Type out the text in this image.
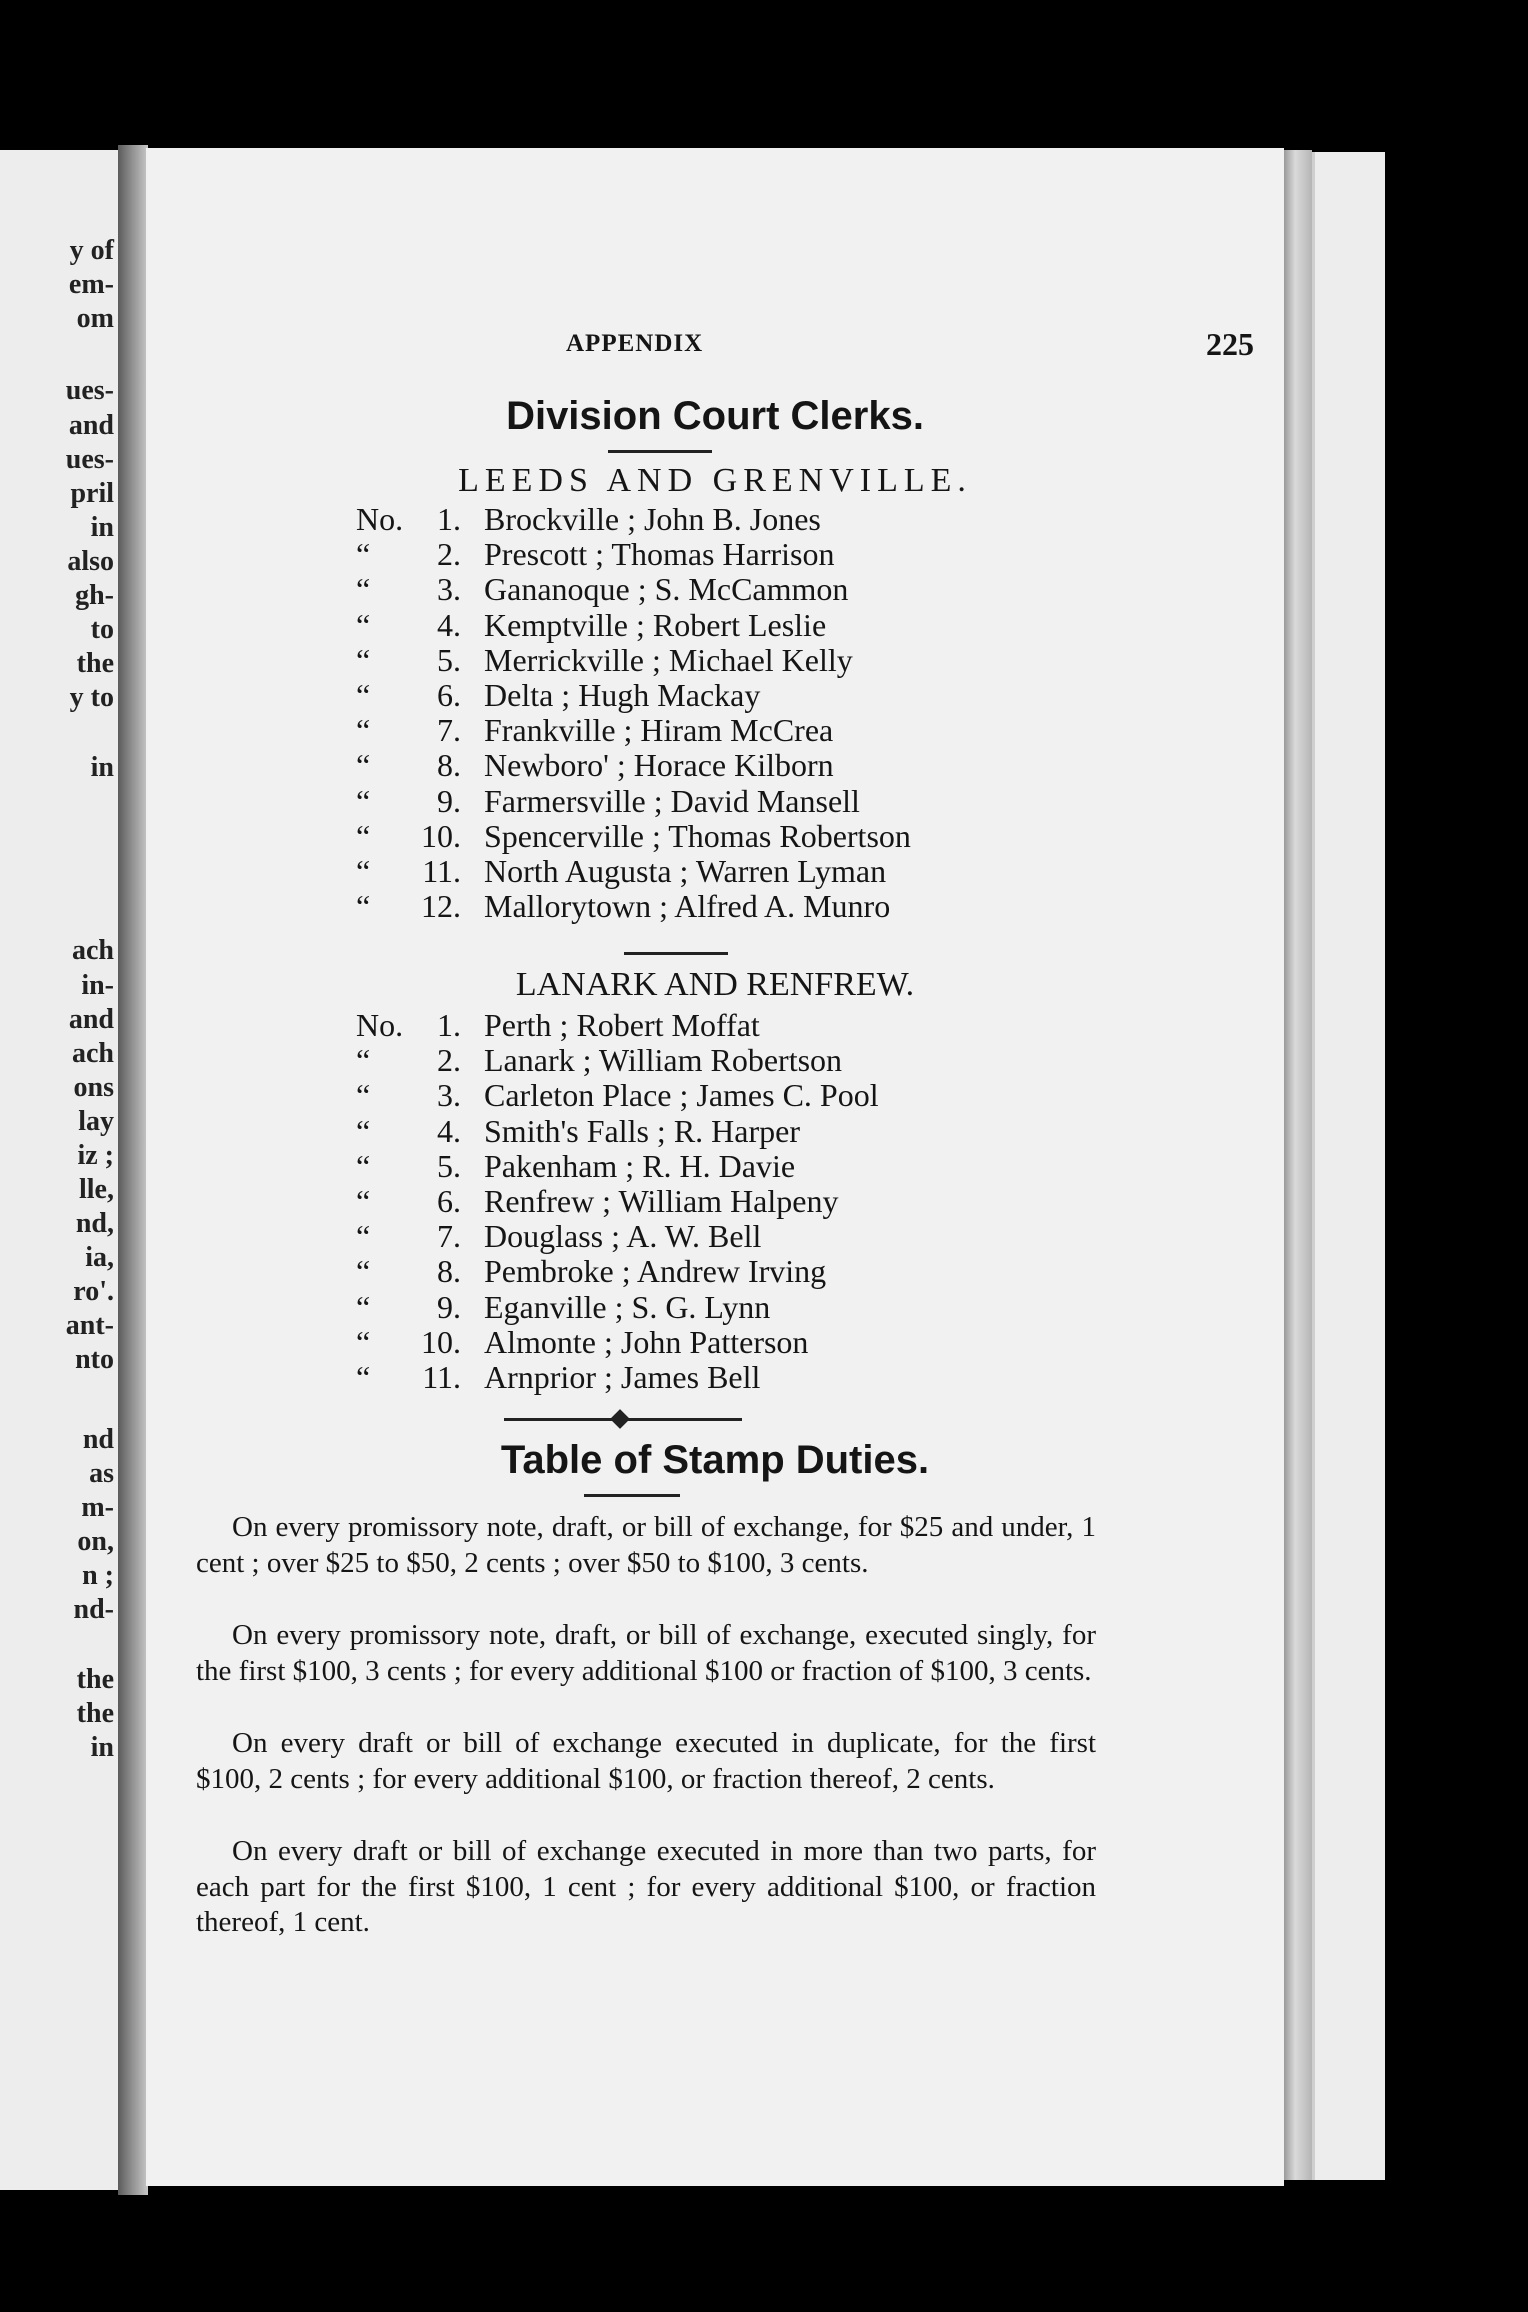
y of
em-
om
ues-
and
ues-
pril
in
also
gh-
to
the
y to
in
ach
in-
and
ach
ons
lay
iz ;
lle,
nd,
ia,
ro'.
ant-
nto
nd
as
m-
on,
n ;
nd-
the
the
in
APPENDIX	225
Division Court Clerks.
LEEDS AND GRENVILLE.
No.	1. Brockville ; John B. Jones
“	2. Prescott ; Thomas Harrison
“	3. Gananoque ; S. McCammon
“	4. Kemptville ; Robert Leslie
“	5. Merrickville ; Michael Kelly
“	6. Delta ; Hugh Mackay
“	7. Frankville ; Hiram McCrea
“	8. Newboro' ; Horace Kilborn
“	9. Farmersville ; David Mansell
“	10. Spencerville ; Thomas Robertson
“	11. North Augusta ; Warren Lyman
“	12. Mallorytown ; Alfred A. Munro
LANARK AND RENFREW.
No.	1. Perth ; Robert Moffat
“	2. Lanark ; William Robertson
“	3. Carleton Place ; James C. Pool
“	4. Smith's Falls ; R. Harper
“	5. Pakenham ; R. H. Davie
“	6. Renfrew ; William Halpeny
“	7. Douglass ; A. W. Bell
“	8. Pembroke ; Andrew Irving
“	9. Eganville ; S. G. Lynn
“	10. Almonte ; John Patterson
“	11. Arnprior ; James Bell
Table of Stamp Duties.

On every promissory note, draft, or bill of exchange, for $25 and under, 1 cent ; over $25 to $50, 2 cents ; over $50 to $100, 3 cents.

On every promissory note, draft, or bill of exchange, executed singly, for the first $100, 3 cents ; for every additional $100 or fraction of $100, 3 cents.

On every draft or bill of exchange executed in duplicate, for the first $100, 2 cents ; for every additional $100, or fraction thereof, 2 cents.

On every draft or bill of exchange executed in more than two parts, for each part for the first $100, 1 cent ; for every additional $100, or fraction thereof, 1 cent.
